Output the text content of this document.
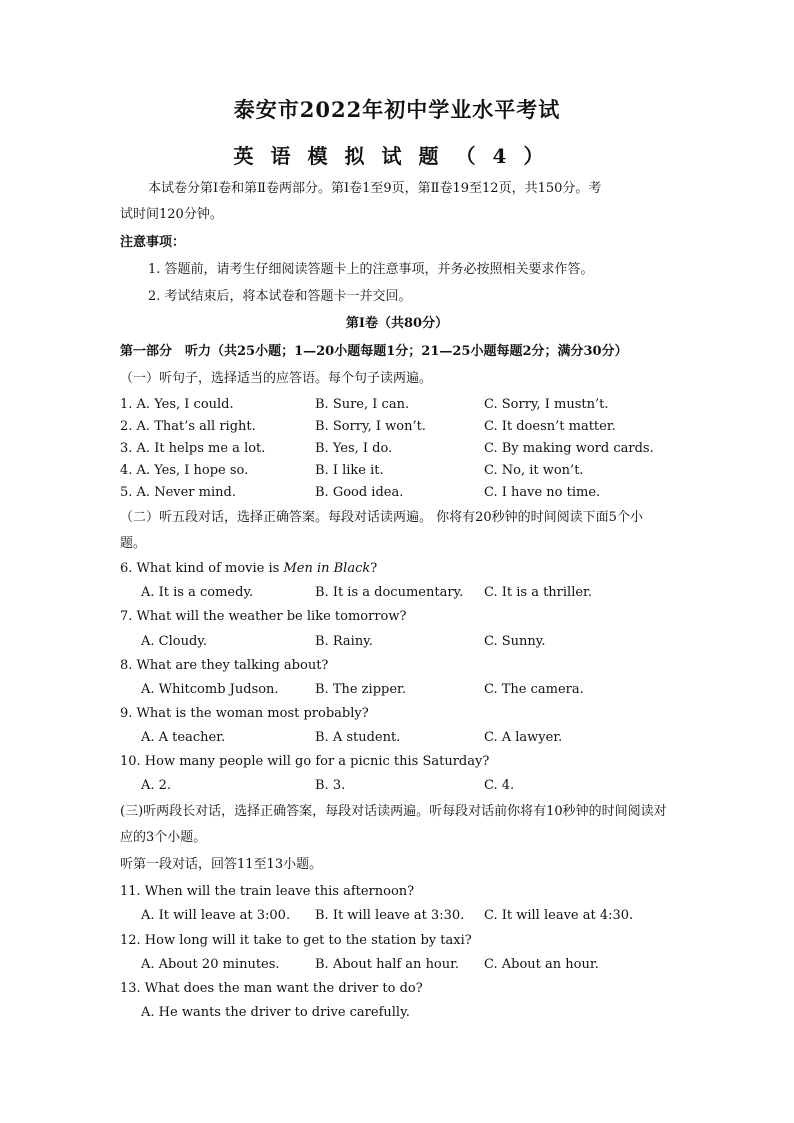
泰安市2022年初中学业水平考试
英语模拟试题（4）
本试卷分第Ⅰ卷和第Ⅱ卷两部分。第Ⅰ卷1至9页，第Ⅱ卷19至12页，共150分。考
试时间120分钟。
注意事项：
1. 答题前，请考生仔细阅读答题卡上的注意事项，并务必按照相关要求作答。
2. 考试结束后，将本试卷和答题卡一并交回。
第Ⅰ卷（共80分）
第一部分　听力（共25小题；1—20小题每题1分；21—25小题每题2分；满分30分）
（一）听句子，选择适当的应答语。每个句子读两遍。
1. A. Yes, I could.	B. Sure, I can.	C. Sorry, I mustn’t.
2. A. That’s all right.	B. Sorry, I won’t.	C. It doesn’t matter.
3. A. It helps me a lot.	B. Yes, I do.	C. By making word cards.
4. A. Yes, I hope so.	B. I like it.	C. No, it won’t.
5. A. Never mind.	B. Good idea.	C. I have no time.
（二）听五段对话，选择正确答案。每段对话读两遍。 你将有20秒钟的时间阅读下面5个小
题。
6. What kind of movie is Men in Black?
A. It is a comedy.	B. It is a documentary. C. It is a thriller.
7. What will the weather be like tomorrow?
A. Cloudy.	B. Rainy.	C. Sunny.
8. What are they talking about?
A. Whitcomb Judson.	B. The zipper.	C. The camera.
9. What is the woman most probably?
A. A teacher.	B. A student.	C. A lawyer.
10. How many people will go for a picnic this Saturday?
A. 2.	B. 3.	C. 4.
(三)听两段长对话，选择正确答案，每段对话读两遍。听每段对话前你将有10秒钟的时间阅读对
应的3个小题。
听第一段对话，回答11至13小题。
11. When will the train leave this afternoon?
A. It will leave at 3:00. B. It will leave at 3:30. C. It will leave at 4:30.
12. How long will it take to get to the station by taxi?
A. About 20 minutes.	B. About half an hour. C. About an hour.
13. What does the man want the driver to do?
A. He wants the driver to drive carefully.
